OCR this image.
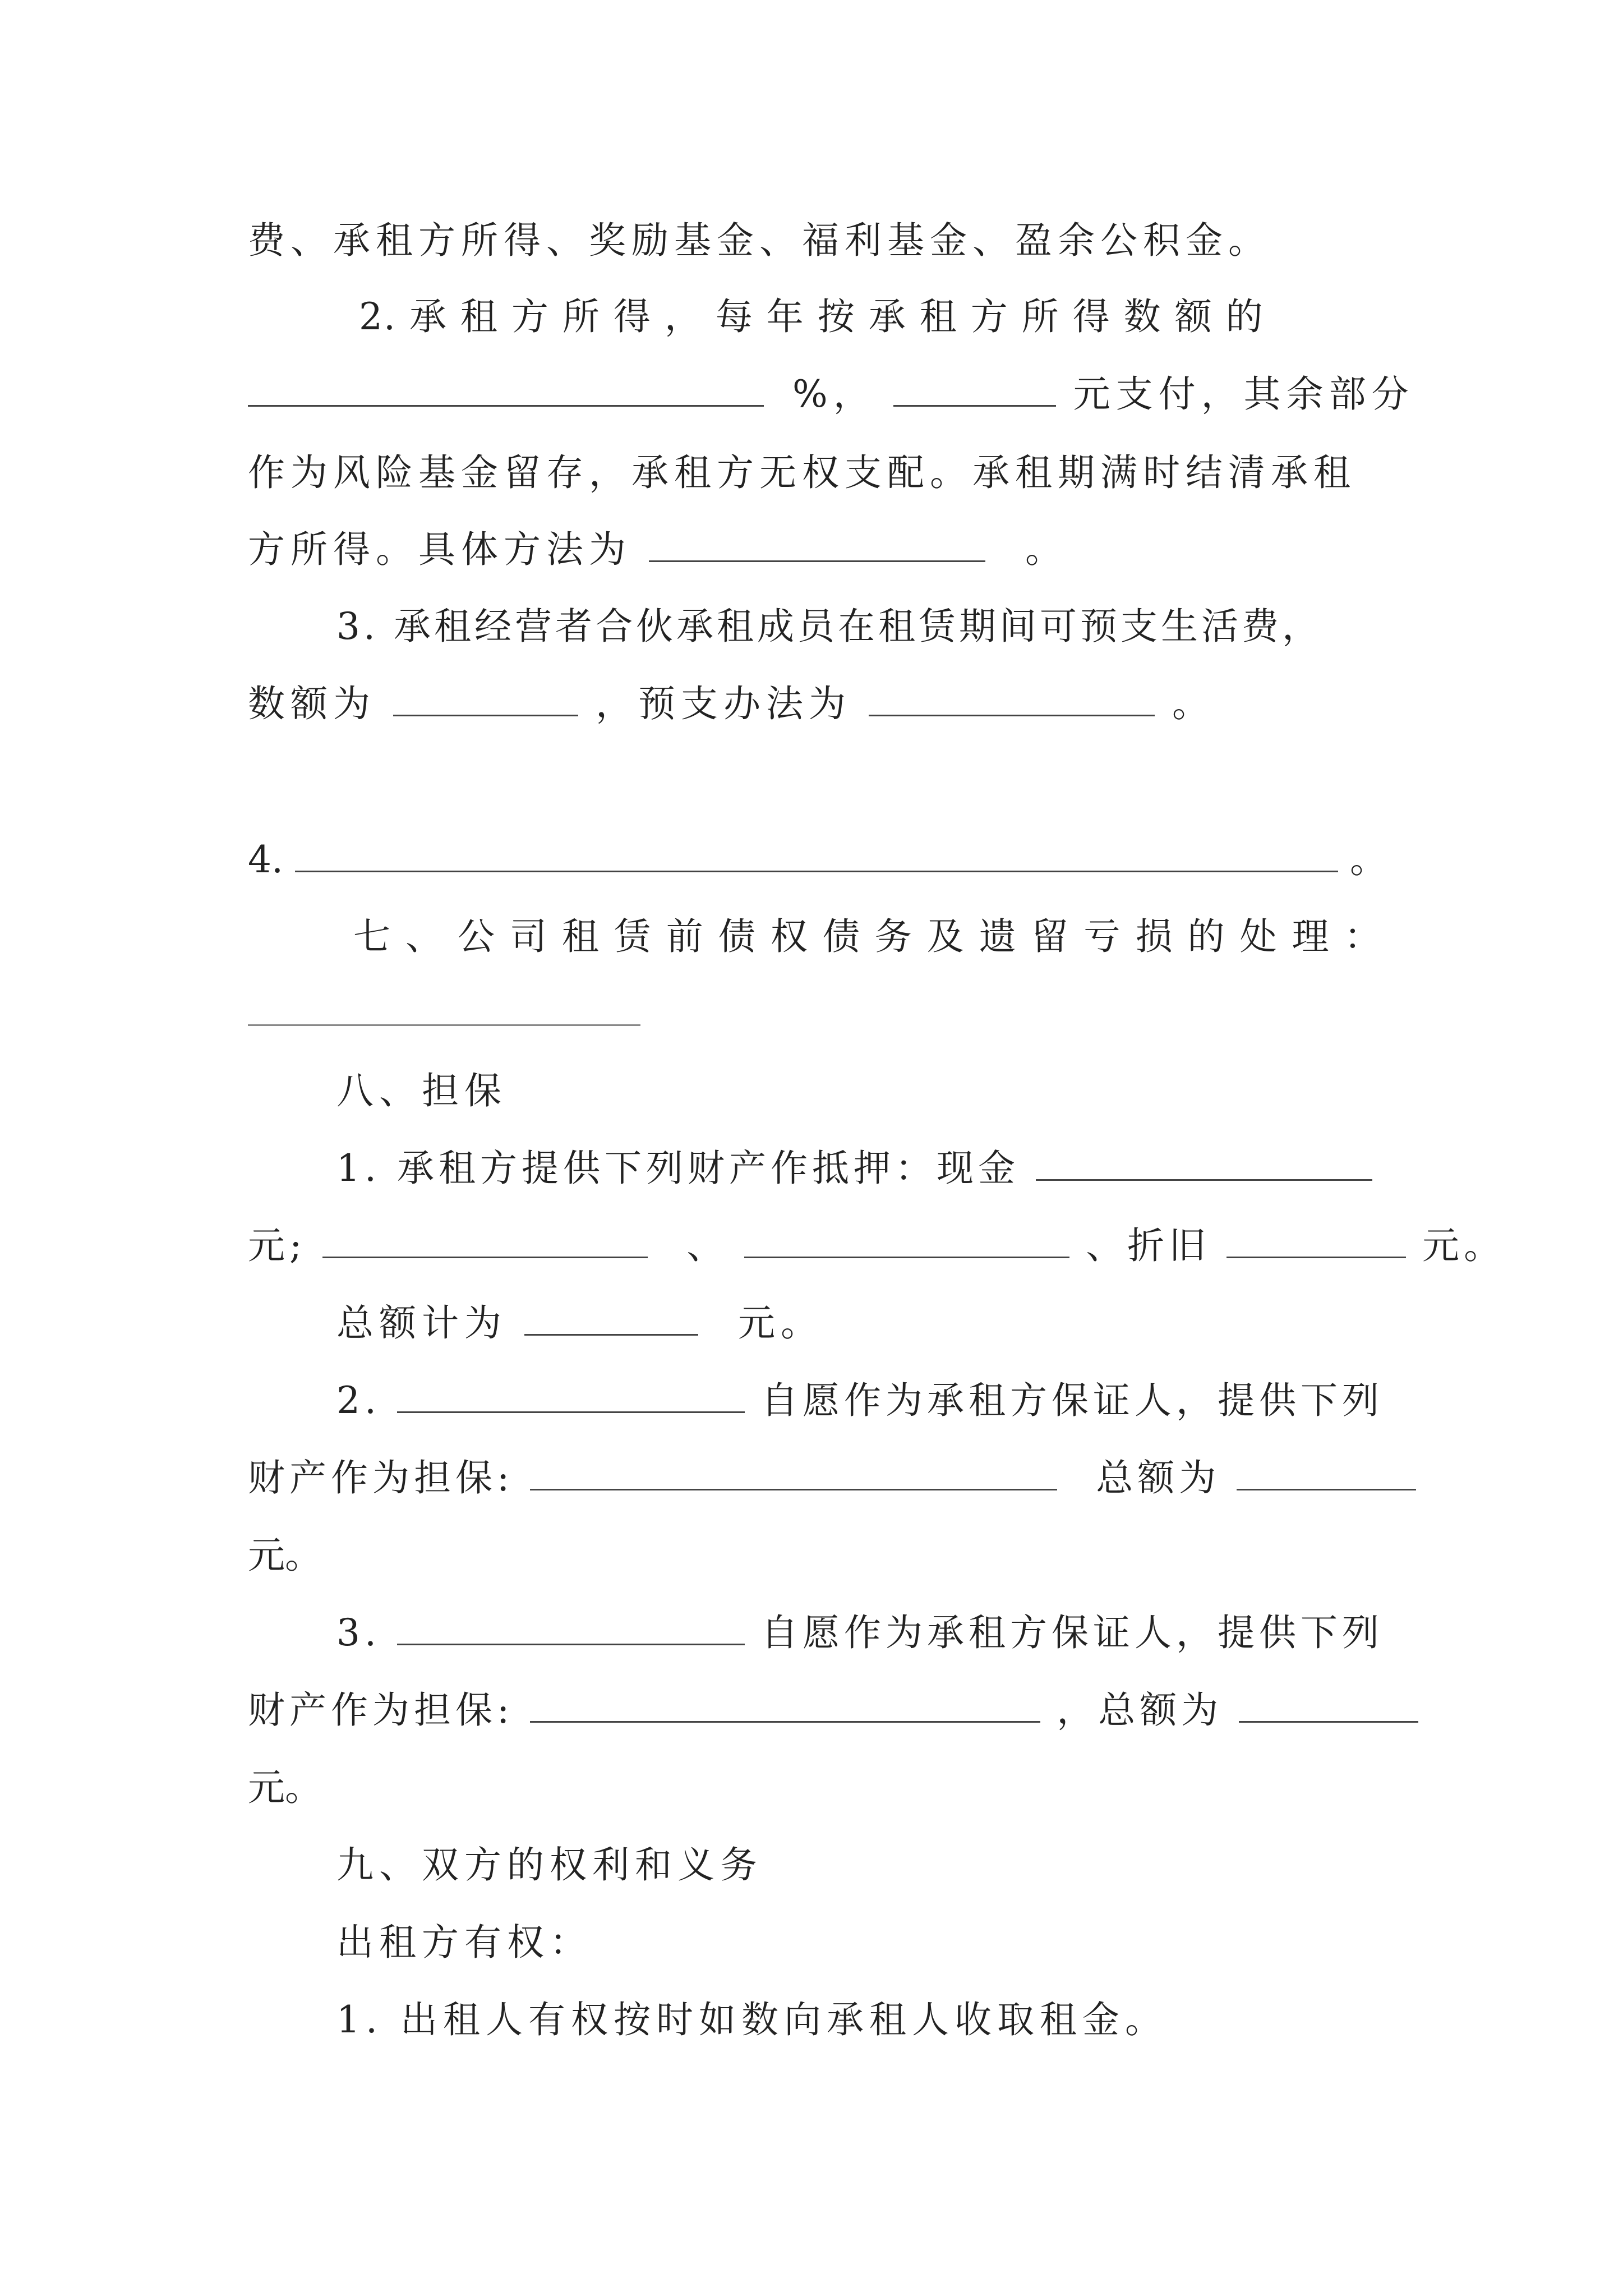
费、承租方所得、奖励基金、福利基金、盈余公积金。
2. 承 租 方 所 得 ， 每 年 按 承 租 方 所 得 数 额 的
%，	元支付，其余部分
作为风险基金留存，承租方无权支配。承租期满时结清承租
方所得。具体方法为	。
3. 承租经营者合伙承租成员在租赁期间可预支生活费，
数额为	，预支办法为	。
4.	。
七 、 公 司 租 赁 前 债 权 债 务 及 遗 留 亏 损 的 处 理 ：
八、担保
1. 承租方提供下列财产作抵押：现金
元;	、	、折旧	元。
总额计为	元。
2.	自愿作为承租方保证人，提供下列
财产作为担保:	总额为
元。
3.	自愿作为承租方保证人，提供下列
财产作为担保:	，总额为
元。
九、双方的权利和义务
出租方有权：
1. 出租人有权按时如数向承租人收取租金。
